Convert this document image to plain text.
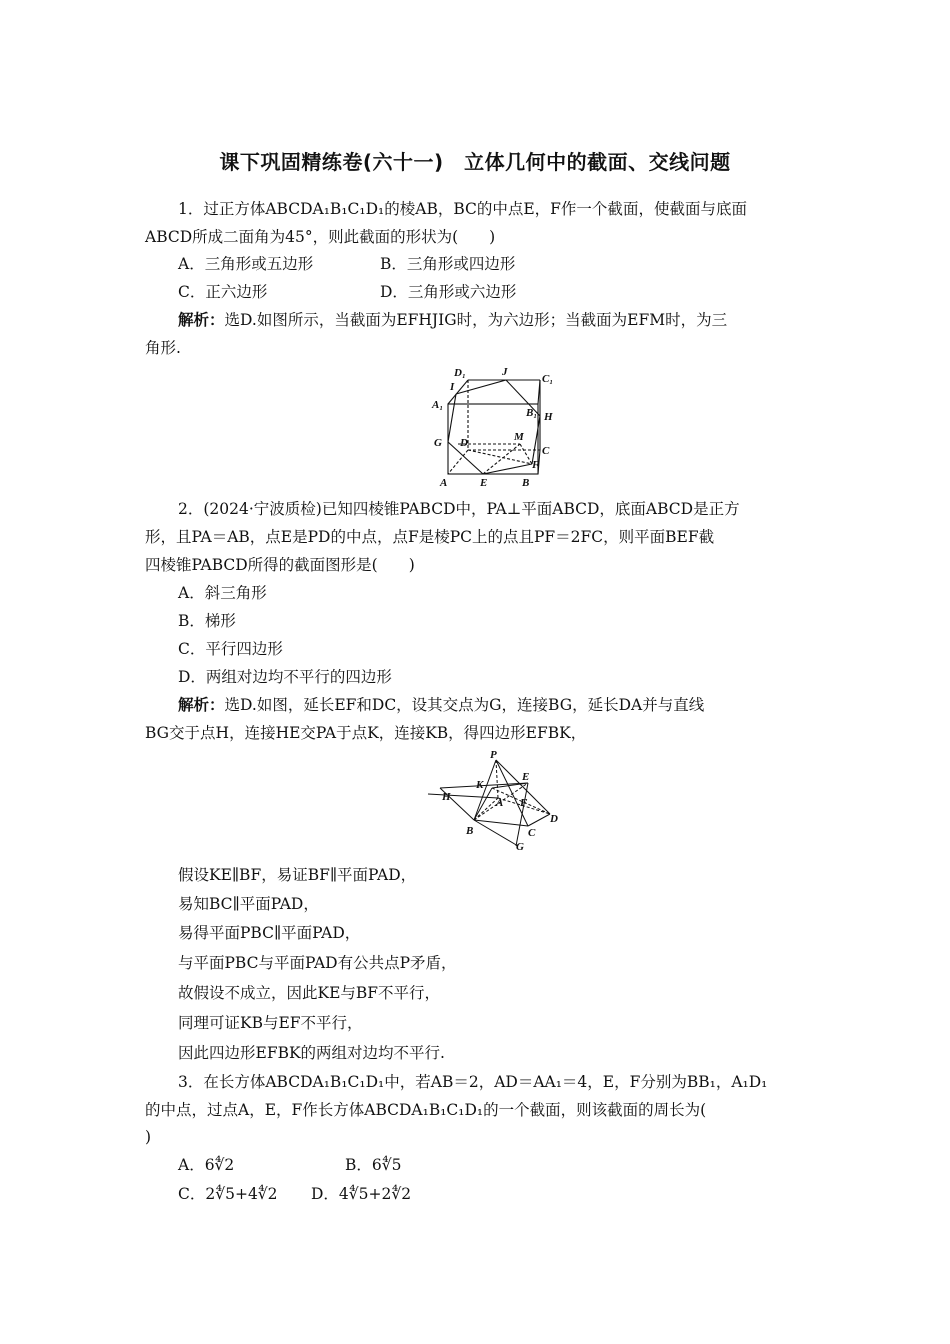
课下巩固精练卷(六十一)　立体几何中的截面、交线问题
1．过正方体ABCDA₁B₁C₁D₁的棱AB，BC的中点E，F作一个截面，使截面与底面
ABCD所成二面角为45°，则此截面的形状为(　　)
A．三角形或五边形	B．三角形或四边形
C．正六边形	D．三角形或六边形
解析：选D.如图所示，当截面为EFHJIG时，为六边形；当截面为EFM时，为三
角形.
D₁	J
C₁
I
A₁
B₁ H
G D	M
C
F
A	E	B
2．(2024·宁波质检)已知四棱锥PABCD中，PA⊥平面ABCD，底面ABCD是正方
形，且PA＝AB，点E是PD的中点，点F是棱PC上的点且PF＝2FC，则平面BEF截
四棱锥PABCD所得的截面图形是(　　)
A．斜三角形
B．梯形
C．平行四边形
D．两组对边均不平行的四边形
解析：选D.如图，延长EF和DC，设其交点为G，连接BG，延长DA并与直线
BG交于点H，连接HE交PA于点K，连接KB，得四边形EFBK，
P
K
E
H	A F
D
B	C
G
假设KE∥BF，易证BF∥平面PAD，
易知BC∥平面PAD，
易得平面PBC∥平面PAD，
与平面PBC与平面PAD有公共点P矛盾，
故假设不成立，因此KE与BF不平行，
同理可证KB与EF不平行，
因此四边形EFBK的两组对边均不平行.
3．在长方体ABCDA₁B₁C₁D₁中，若AB＝2，AD＝AA₁＝4，E，F分别为BB₁，A₁D₁
的中点，过点A，E，F作长方体ABCDA₁B₁C₁D₁的一个截面，则该截面的周长为(
)
A．6∜2	B．6∜5
C．2∜5+4∜2 D．4∜5+2∜2
